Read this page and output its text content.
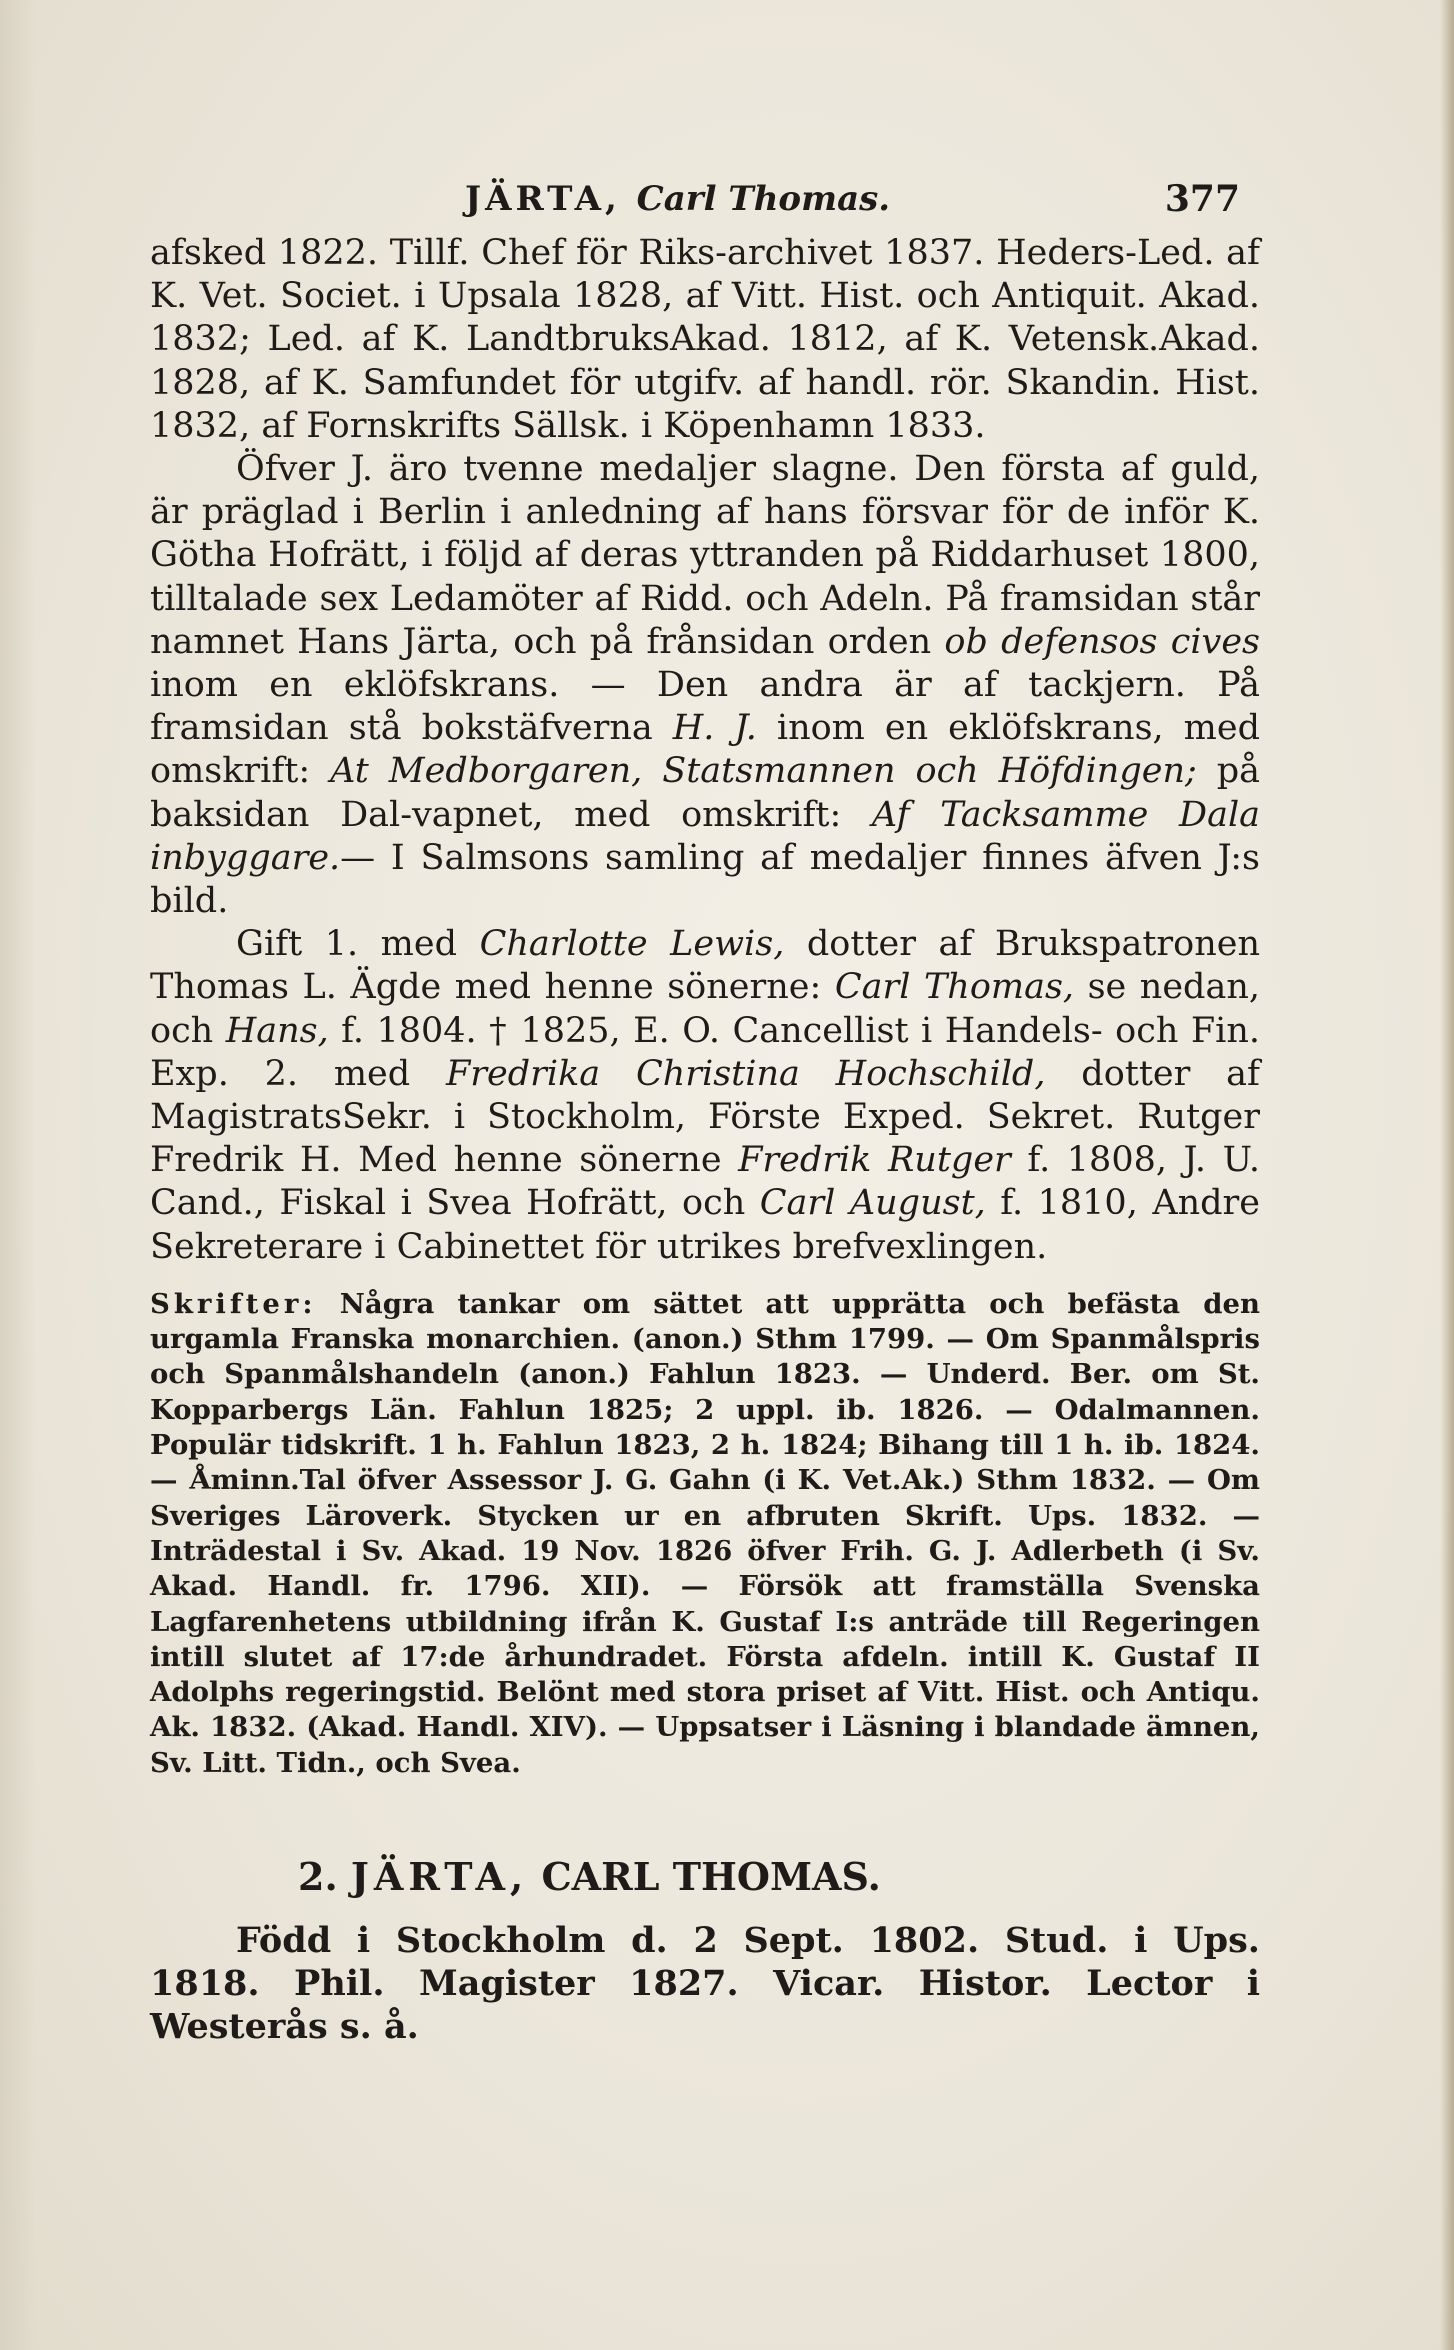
JÄRTA, Carl Thomas.	377

afsked 1822. Tillf. Chef för Riks-archivet 1837. Heders-Led. af K. Vet. Societ. i Upsala 1828, af Vitt. Hist. och Antiquit. Akad. 1832; Led. af K. LandtbruksAkad. 1812, af K. Vetensk.Akad. 1828, af K. Samfundet för utgifv. af handl. rör. Skandin. Hist. 1832, af Fornskrifts Sällsk. i Köpenhamn 1833.

Öfver J. äro tvenne medaljer slagne. Den första af guld, är präglad i Berlin i anledning af hans försvar för de inför K. Götha Hofrätt, i följd af deras yttranden på Riddarhuset 1800, tilltalade sex Ledamöter af Ridd. och Adeln. På framsidan står namnet Hans Järta, och på frånsidan orden ob defensos cives inom en eklöfskrans. — Den andra är af tackjern. På framsidan stå bokstäfverna H. J. inom en eklöfskrans, med omskrift: At Medborgaren, Statsmannen och Höfdingen; på baksidan Dal-vapnet, med omskrift: Af Tacksamme Dala inbyggare.— I Salmsons samling af medaljer finnes äfven J:s bild.

Gift 1. med Charlotte Lewis, dotter af Brukspatronen Thomas L. Ägde med henne sönerne: Carl Thomas, se nedan, och Hans, f. 1804. † 1825, E. O. Cancellist i Handels- och Fin. Exp. 2. med Fredrika Christina Hochschild, dotter af MagistratsSekr. i Stockholm, Förste Exped. Sekret. Rutger Fredrik H. Med henne sönerne Fredrik Rutger f. 1808, J. U. Cand., Fiskal i Svea Hofrätt, och Carl August, f. 1810, Andre Sekreterare i Cabinettet för utrikes brefvexlingen.

Skrifter: Några tankar om sättet att upprätta och befästa den urgamla Franska monarchien. (anon.) Sthm 1799. — Om Spanmålspris och Spanmålshandeln (anon.) Fahlun 1823. — Underd. Ber. om St. Kopparbergs Län. Fahlun 1825; 2 uppl. ib. 1826. — Odalmannen. Populär tidskrift. 1 h. Fahlun 1823, 2 h. 1824; Bihang till 1 h. ib. 1824. — Åminn.Tal öfver Assessor J. G. Gahn (i K. Vet.Ak.) Sthm 1832. — Om Sveriges Läroverk. Stycken ur en afbruten Skrift. Ups. 1832. — Inträdestal i Sv. Akad. 19 Nov. 1826 öfver Frih. G. J. Adlerbeth (i Sv. Akad. Handl. fr. 1796. XII). — Försök att framställa Svenska Lagfarenhetens utbildning ifrån K. Gustaf I:s anträde till Regeringen intill slutet af 17:de århundradet. Första afdeln. intill K. Gustaf II Adolphs regeringstid. Belönt med stora priset af Vitt. Hist. och Antiqu. Ak. 1832. (Akad. Handl. XIV). — Uppsatser i Läsning i blandade ämnen, Sv. Litt. Tidn., och Svea.

2. JÄRTA, CARL THOMAS.

Född i Stockholm d. 2 Sept. 1802. Stud. i Ups. 1818. Phil. Magister 1827. Vicar. Histor. Lector i Westerås s. å.
